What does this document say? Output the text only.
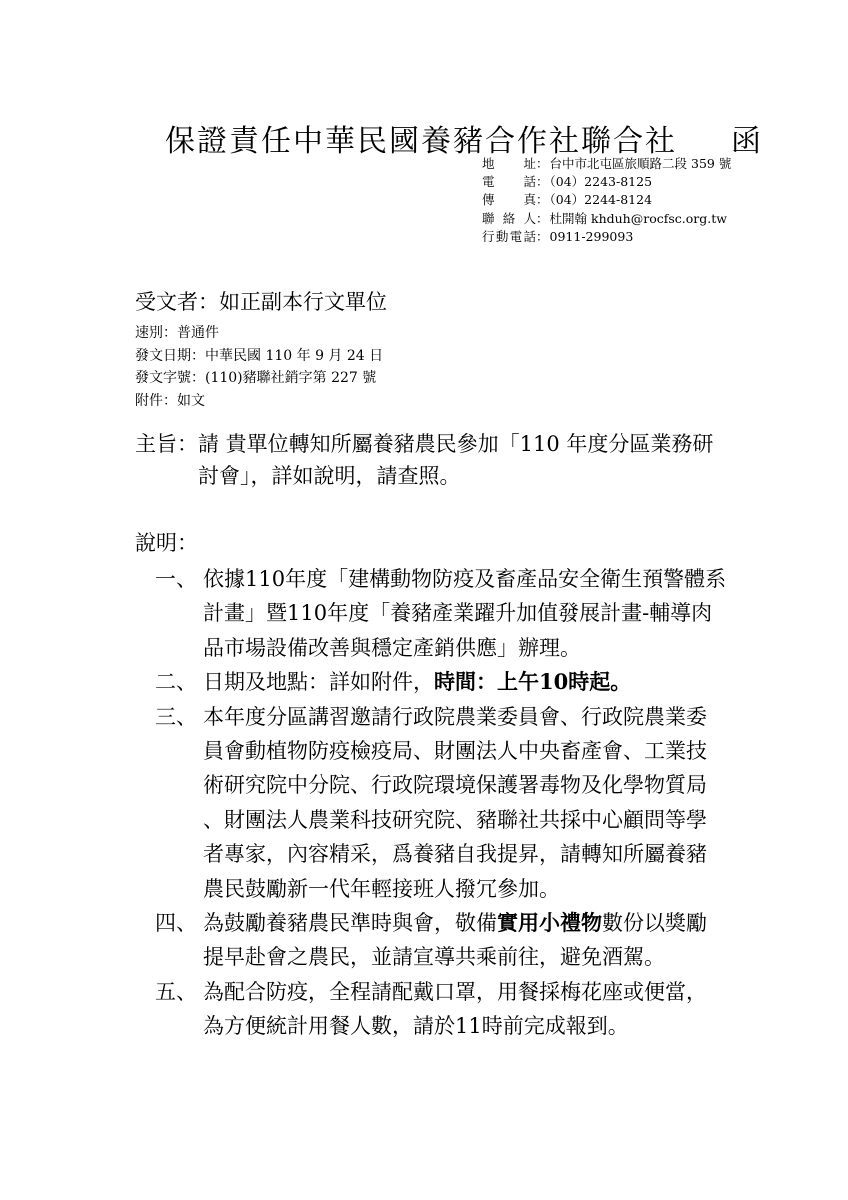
保證責任中華民國養豬合作社聯合社 函
地　　址：台中市北屯區旅順路二段 359 號
電　　話：（04）2243-8125
傳　　真：（04）2244-8124
聯 絡 人：杜開翰 khduh@rocfsc.org.tw
行動電話：0911-299093
受文者：如正副本行文單位
速別：普通件
發文日期：中華民國 110 年 9 月 24 日
發文字號：(110)豬聯社銷字第 227 號
附件：如文
主旨：請 貴單位轉知所屬養豬農民參加「110 年度分區業務研
討會」，詳如說明，請查照。
說明：
一、 依據110年度「建構動物防疫及畜產品安全衛生預警體系
計畫」暨110年度「養豬產業躍升加值發展計畫-輔導肉
品市場設備改善與穩定產銷供應」辦理。
二、 日期及地點：詳如附件，時間：上午10時起。
三、 本年度分區講習邀請行政院農業委員會、行政院農業委
員會動植物防疫檢疫局、財團法人中央畜產會、工業技
術研究院中分院、行政院環境保護署毒物及化學物質局
、財團法人農業科技研究院、豬聯社共採中心顧問等學
者專家，內容精采，爲養豬自我提昇，請轉知所屬養豬
農民鼓勵新一代年輕接班人撥冗參加。
四、 為鼓勵養豬農民準時與會，敬備實用小禮物數份以獎勵
提早赴會之農民，並請宣導共乘前往，避免酒駕。
五、 為配合防疫，全程請配戴口罩，用餐採梅花座或便當，
為方便統計用餐人數，請於11時前完成報到。
